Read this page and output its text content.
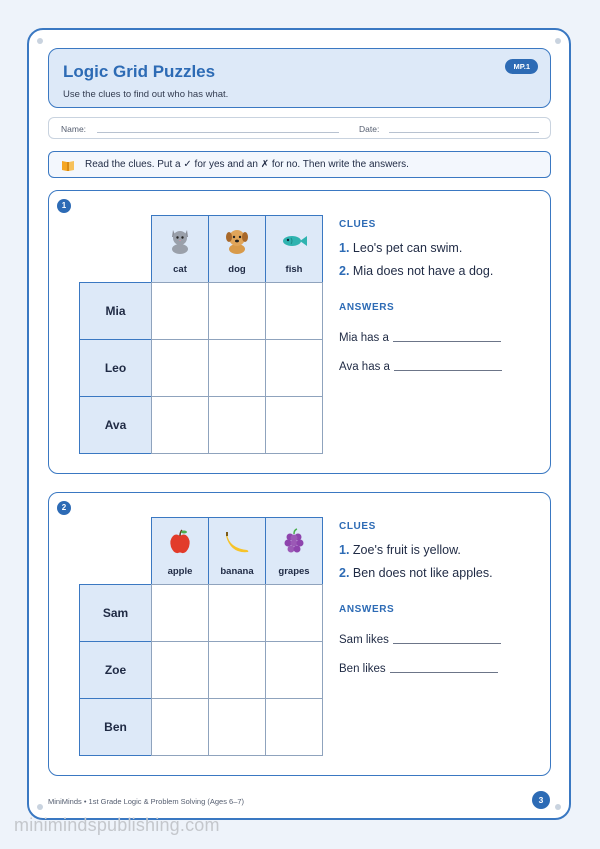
Logic Grid Puzzles
Use the clues to find out who has what.
MP.1
Name:	Date:
Read the clues. Put a ✓ for yes and an ✗ for no. Then write the answers.
1
cat	dog	fish
Mia
Leo
Ava
CLUES
1. Leo's pet can swim.
2. Mia does not have a dog.
ANSWERS
Mia has a
Ava has a
2
apple	banana	grapes
Sam
Zoe
Ben
CLUES
1. Zoe's fruit is yellow.
2. Ben does not like apples.
ANSWERS
Sam likes
Ben likes
MiniMinds • 1st Grade Logic & Problem Solving (Ages 6–7)	3
minimindspublishing.com
